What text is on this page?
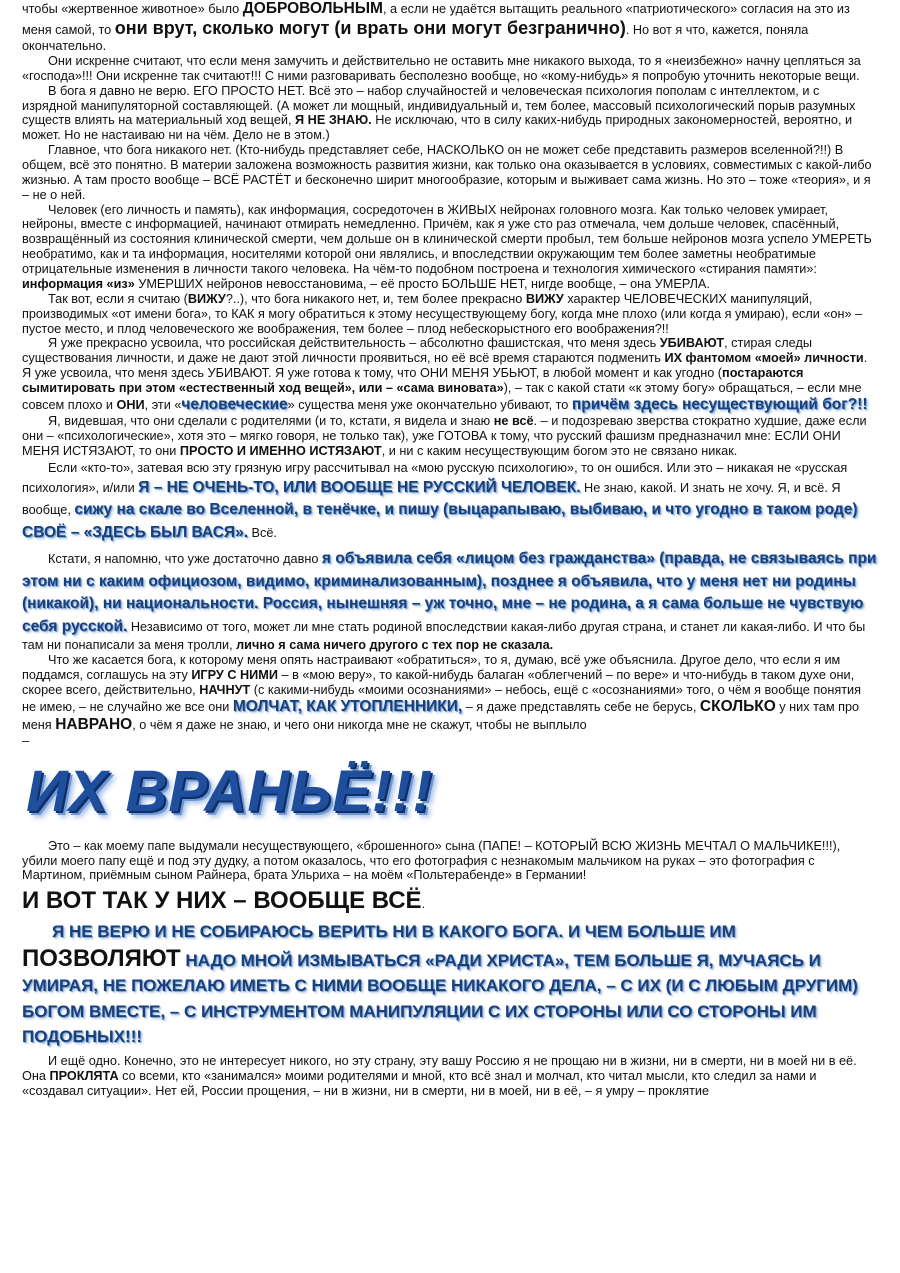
чтобы «жертвенное животное» было ДОБРОВОЛЬНЫМ, а если не удаётся вытащить реального «патриотического» согласия на это из меня самой, то они врут, сколько могут (и врать они могут безгранично). Но вот я что, кажется, поняла окончательно.

Они искренне считают, что если меня замучить и действительно не оставить мне никакого выхода, то я «неизбежно» начну цепляться за «господа»!!! Они искренне так считают!!! С ними разговаривать бесполезно вообще, но «кому-нибудь» я попробую уточнить некоторые вещи.

В бога я давно не верю. ЕГО ПРОСТО НЕТ. Всё это – набор случайностей и человеческая психология пополам с интеллектом, и с изрядной манипуляторной составляющей. (А может ли мощный, индивидуальный и, тем более, массовый психологический порыв разумных существ влиять на материальный ход вещей, Я НЕ ЗНАЮ. Не исключаю, что в силу каких-нибудь природных закономерностей, вероятно, и может. Но не настаиваю ни на чём. Дело не в этом.)

Главное, что бога никакого нет. (Кто-нибудь представляет себе, НАСКОЛЬКО он не может себе представить размеров вселенной?!!) В общем, всё это понятно. В материи заложена возможность развития жизни, как только она оказывается в условиях, совместимых с какой-либо жизнью. А там просто вообще – ВСЁ РАСТЁТ и бесконечно ширит многообразие, которым и выживает сама жизнь. Но это – тоже «теория», и я – не о ней.

Человек (его личность и память), как информация, сосредоточен в ЖИВЫХ нейронах головного мозга. Как только человек умирает, нейроны, вместе с информацией, начинают отмирать немедленно. Причём, как я уже сто раз отмечала, чем дольше человек, спасённый, возвращённый из состояния клинической смерти, чем дольше он в клинической смерти пробыл, тем больше нейронов мозга успело УМЕРЕТЬ необратимо, как и та информация, носителями которой они являлись, и впоследствии окружающим тем более заметны необратимые отрицательные изменения в личности такого человека. На чём-то подобном построена и технология химического «стирания памяти»: информация «из» УМЕРШИХ нейронов невосстановима, – её просто БОЛЬШЕ НЕТ, нигде вообще, – она УМЕРЛА.

Так вот, если я считаю (ВИЖУ?..), что бога никакого нет, и, тем более прекрасно ВИЖУ характер ЧЕЛОВЕЧЕСКИХ манипуляций, производимых «от имени бога», то КАК я могу обратиться к этому несуществующему богу, когда мне плохо (или когда я умираю), если «он» – пустое место, и плод человеческого же воображения, тем более – плод небескорыстного его воображения?!!

Я уже прекрасно усвоила, что российская действительность – абсолютно фашистская, что меня здесь УБИВАЮТ, стирая следы существования личности, и даже не дают этой личности проявиться, но её всё время стараются подменить ИХ фантомом «моей» личности. Я уже усвоила, что меня здесь УБИВАЮТ. Я уже готова к тому, что ОНИ МЕНЯ УБЬЮТ, в любой момент и как угодно (постараются сымитировать при этом «естественный ход вещей», или – «сама виновата»), – так с какой стати «к этому богу» обращаться, – если мне совсем плохо и ОНИ, эти «человеческие» существа меня уже окончательно убивают, то причём здесь несуществующий бог?!!

Я, видевшая, что они сделали с родителями (и то, кстати, я видела и знаю не всё. – и подозреваю зверства стократно худшие, даже если они – «психологические», хотя это – мягко говоря, не только так), уже ГОТОВА к тому, что русский фашизм предназначил мне: ЕСЛИ ОНИ МЕНЯ ИСТЯЗАЮТ, то они ПРОСТО И ИМЕННО ИСТЯЗАЮТ, и ни с каким несуществующим богом это не связано никак.

Если «кто-то», затевая всю эту грязную игру рассчитывал на «мою русскую психологию», то он ошибся. Или это – никакая не «русская психология», и/или Я – НЕ ОЧЕНЬ-ТО, ИЛИ ВООБЩЕ НЕ РУССКИЙ ЧЕЛОВЕК. Не знаю, какой. И знать не хочу. Я, и всё. Я вообще, сижу на скале во Вселенной, в тенёчке, и пишу (выцарапываю, выбиваю, и что угодно в таком роде) СВОЁ – «ЗДЕСЬ БЫЛ ВАСЯ». Всё.

Кстати, я напомню, что уже достаточно давно я объявила себя «лицом без гражданства» (правда, не связываясь при этом ни с каким официозом, видимо, криминализованным), позднее я объявила, что у меня нет ни родины (никакой), ни национальности. Россия, нынешняя – уж точно, мне – не родина, а я сама больше не чувствую себя русской. Независимо от того, может ли мне стать родиной впоследствии какая-либо другая страна, и станет ли какая-либо. И что бы там ни понаписали за меня тролли, лично я сама ничего другого с тех пор не сказала.

Что же касается бога, к которому меня опять настраивают «обратиться», то я, думаю, всё уже объяснила. Другое дело, что если я им поддамся, соглашусь на эту ИГРУ С НИМИ – в «мою веру», то какой-нибудь балаган «облегчений – по вере» и что-нибудь в таком духе они, скорее всего, действительно, НАЧНУТ (с какими-нибудь «моими осознаниями» – небось, ещё с «осознаниями» того, о чём я вообще понятия не имею, – не случайно же все они МОЛЧАТ, КАК УТОПЛЕННИКИ, – я даже представлять себе не берусь, СКОЛЬКО у них там про меня НАВРАНО, о чём я даже не знаю, и чего они никогда мне не скажут, чтобы не выплыло

–

ИХ ВРАНЬЁ!!!

Это – как моему папе выдумали несуществующего, «брошенного» сына (ПАПЕ! – КОТОРЫЙ ВСЮ ЖИЗНЬ МЕЧТАЛ О МАЛЬЧИКЕ!!!), убили моего папу ещё и под эту дудку, а потом оказалось, что его фотография с незнакомым мальчиком на руках – это фотография с Мартином, приёмным сыном Райнера, брата Ульриха – на моём «Польтерабенде» в Германии!

И ВОТ ТАК У НИХ – ВООБЩЕ ВСЁ.

Я НЕ ВЕРЮ И НЕ СОБИРАЮСЬ ВЕРИТЬ НИ В КАКОГО БОГА. И ЧЕМ БОЛЬШЕ ИМ
ПОЗВОЛЯЮТ НАДО МНОЙ ИЗМЫВАТЬСЯ «РАДИ ХРИСТА», ТЕМ БОЛЬШЕ Я, МУЧАЯСЬ И УМИРАЯ, НЕ ПОЖЕЛАЮ ИМЕТЬ С НИМИ ВООБЩЕ НИКАКОГО ДЕЛА, – С ИХ (И С ЛЮБЫМ ДРУГИМ) БОГОМ ВМЕСТЕ, – С ИНСТРУМЕНТОМ МАНИПУЛЯЦИИ С ИХ СТОРОНЫ ИЛИ СО СТОРОНЫ ИМ ПОДОБНЫХ!!!

И ещё одно. Конечно, это не интересует никого, но эту страну, эту вашу Россию я не прощаю ни в жизни, ни в смерти, ни в моей ни в её. Она ПРОКЛЯТА со всеми, кто «занимался» моими родителями и мной, кто всё знал и молчал, кто читал мысли, кто следил за нами и «создавал ситуации». Нет ей, России прощения, – ни в жизни, ни в смерти, ни в моей, ни в её, – я умру – проклятие
